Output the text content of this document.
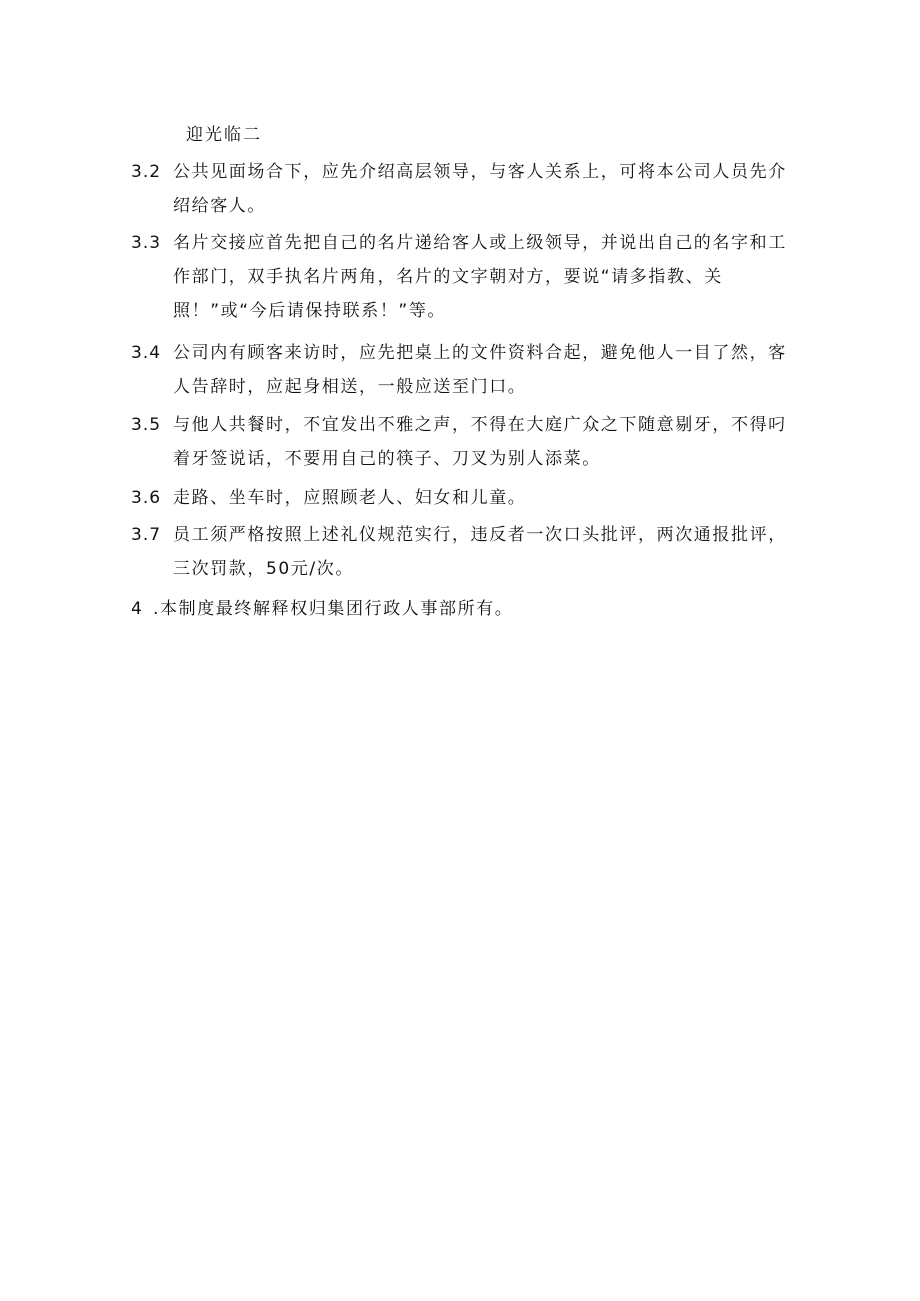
迎光临二
3.2 公共见面场合下，应先介绍高层领导，与客人关系上，可将本公司人员先介绍给客人。
3.3 名片交接应首先把自己的名片递给客人或上级领导，并说出自己的名字和工作部门，双手执名片两角，名片的文字朝对方，要说“请多指教、关照！”或“今后请保持联系！”等。
3.4 公司内有顾客来访时，应先把桌上的文件资料合起，避免他人一目了然，客人告辞时，应起身相送，一般应送至门口。
3.5 与他人共餐时，不宜发出不雅之声，不得在大庭广众之下随意剔牙，不得叼着牙签说话，不要用自己的筷子、刀叉为别人添菜。
3.6 走路、坐车时，应照顾老人、妇女和儿童。
3.7 员工须严格按照上述礼仪规范实行，违反者一次口头批评，两次通报批评，三次罚款，50元/次。
4 .本制度最终解释权归集团行政人事部所有。
